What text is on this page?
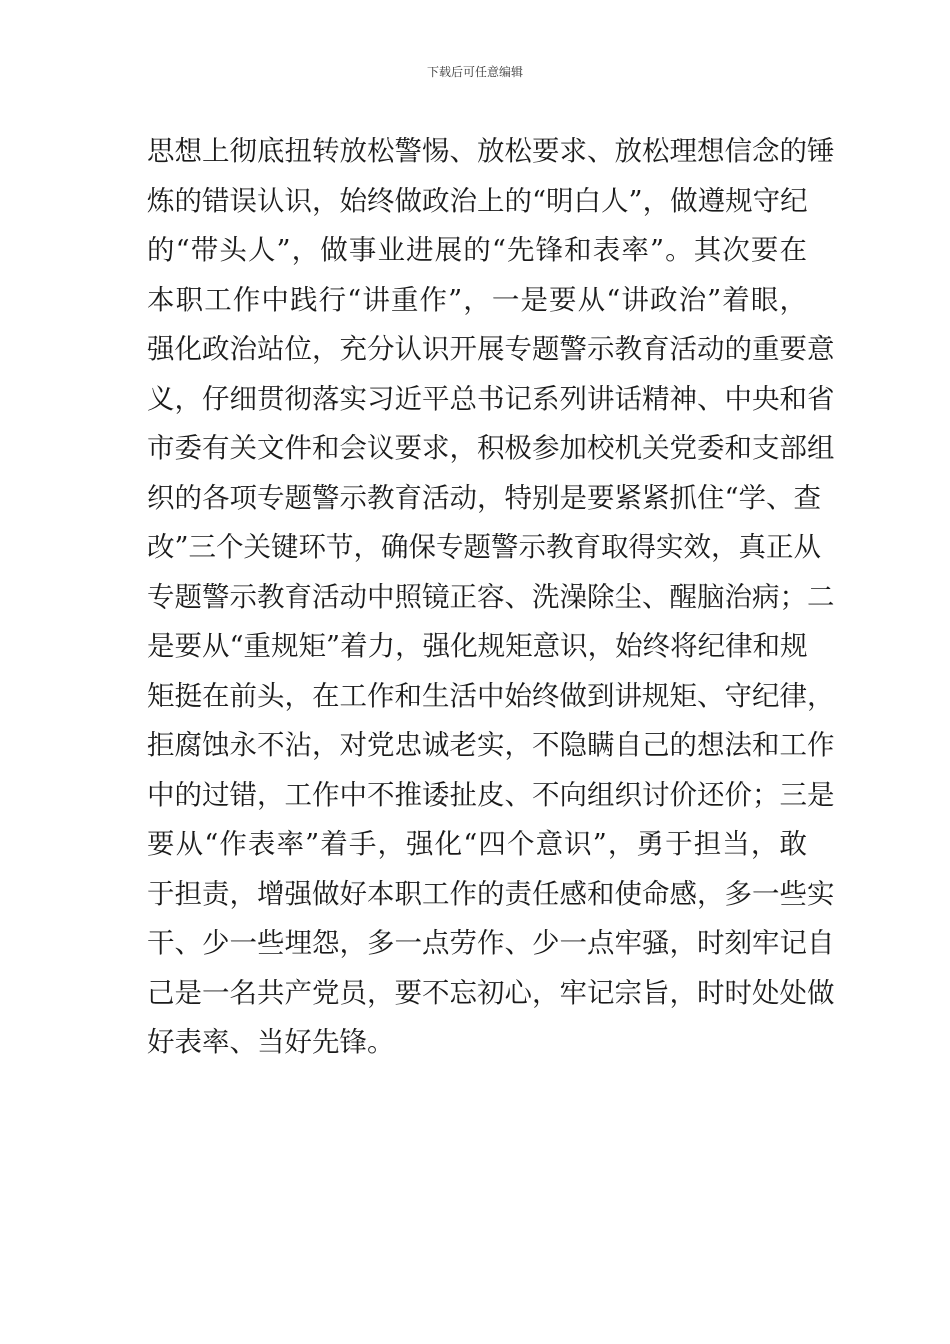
下载后可任意编辑
思想上彻底扭转放松警惕、放松要求、放松理想信念的锤
炼的错误认识，始终做政治上的“明白人”，做遵规守纪
的“带头人”，做事业进展的“先锋和表率”。其次要在
本职工作中践行“讲重作”，一是要从“讲政治”着眼，
强化政治站位，充分认识开展专题警示教育活动的重要意
义，仔细贯彻落实习近平总书记系列讲话精神、中央和省
市委有关文件和会议要求，积极参加校机关党委和支部组
织的各项专题警示教育活动，特别是要紧紧抓住“学、查
改”三个关键环节，确保专题警示教育取得实效，真正从
专题警示教育活动中照镜正容、洗澡除尘、醒脑治病；二
是要从“重规矩”着力，强化规矩意识，始终将纪律和规
矩挺在前头，在工作和生活中始终做到讲规矩、守纪律，
拒腐蚀永不沾，对党忠诚老实，不隐瞒自己的想法和工作
中的过错，工作中不推诿扯皮、不向组织讨价还价；三是
要从“作表率”着手，强化“四个意识”，勇于担当，敢
于担责，增强做好本职工作的责任感和使命感，多一些实
干、少一些埋怨，多一点劳作、少一点牢骚，时刻牢记自
己是一名共产党员，要不忘初心，牢记宗旨，时时处处做
好表率、当好先锋。
